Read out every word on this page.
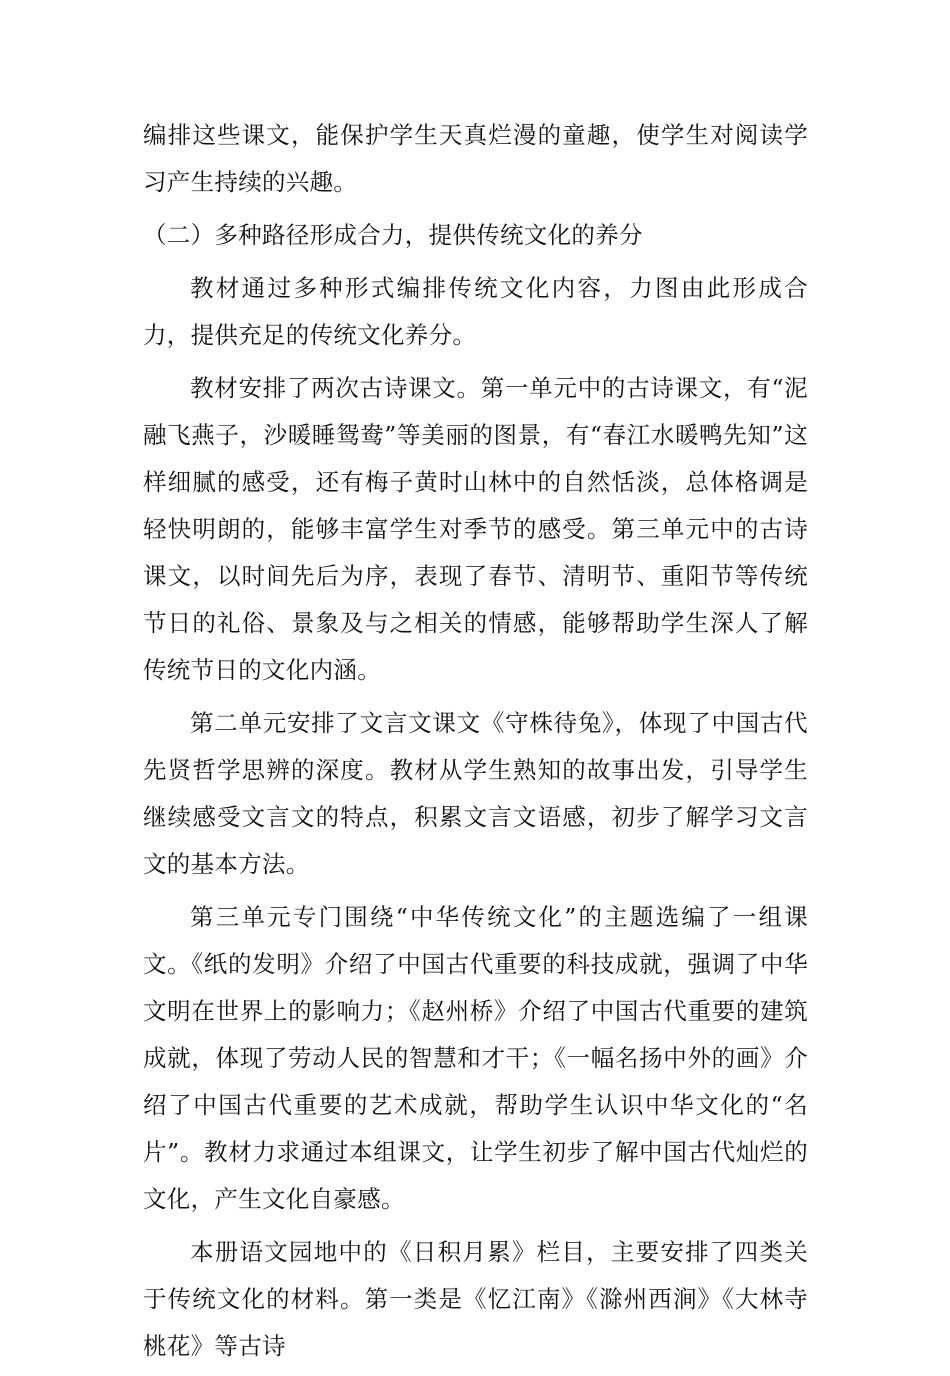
编排这些课文，能保护学生天真烂漫的童趣，使学生对阅读学习产生持续的兴趣。

（二）多种路径形成合力，提供传统文化的养分

教材通过多种形式编排传统文化内容，力图由此形成合力，提供充足的传统文化养分。

教材安排了两次古诗课文。第一单元中的古诗课文，有“泥融飞燕子，沙暖睡鸳鸯”等美丽的图景，有“春江水暖鸭先知”这样细腻的感受，还有梅子黄时山林中的自然恬淡，总体格调是轻快明朗的，能够丰富学生对季节的感受。第三单元中的古诗课文，以时间先后为序，表现了春节、清明节、重阳节等传统节日的礼俗、景象及与之相关的情感，能够帮助学生深人了解传统节日的文化内涵。

第二单元安排了文言文课文《守株待兔》，体现了中国古代先贤哲学思辨的深度。教材从学生熟知的故事出发，引导学生继续感受文言文的特点，积累文言文语感，初步了解学习文言文的基本方法。

第三单元专门围绕“中华传统文化”的主题选编了一组课文。《纸的发明》介绍了中国古代重要的科技成就，强调了中华文明在世界上的影响力；《赵州桥》介绍了中国古代重要的建筑成就，体现了劳动人民的智慧和才干；《一幅名扬中外的画》介绍了中国古代重要的艺术成就，帮助学生认识中华文化的“名片”。教材力求通过本组课文，让学生初步了解中国古代灿烂的文化，产生文化自豪感。

本册语文园地中的《日积月累》栏目，主要安排了四类关于传统文化的材料。第一类是《忆江南》《滁州西涧》《大林寺桃花》等古诗
